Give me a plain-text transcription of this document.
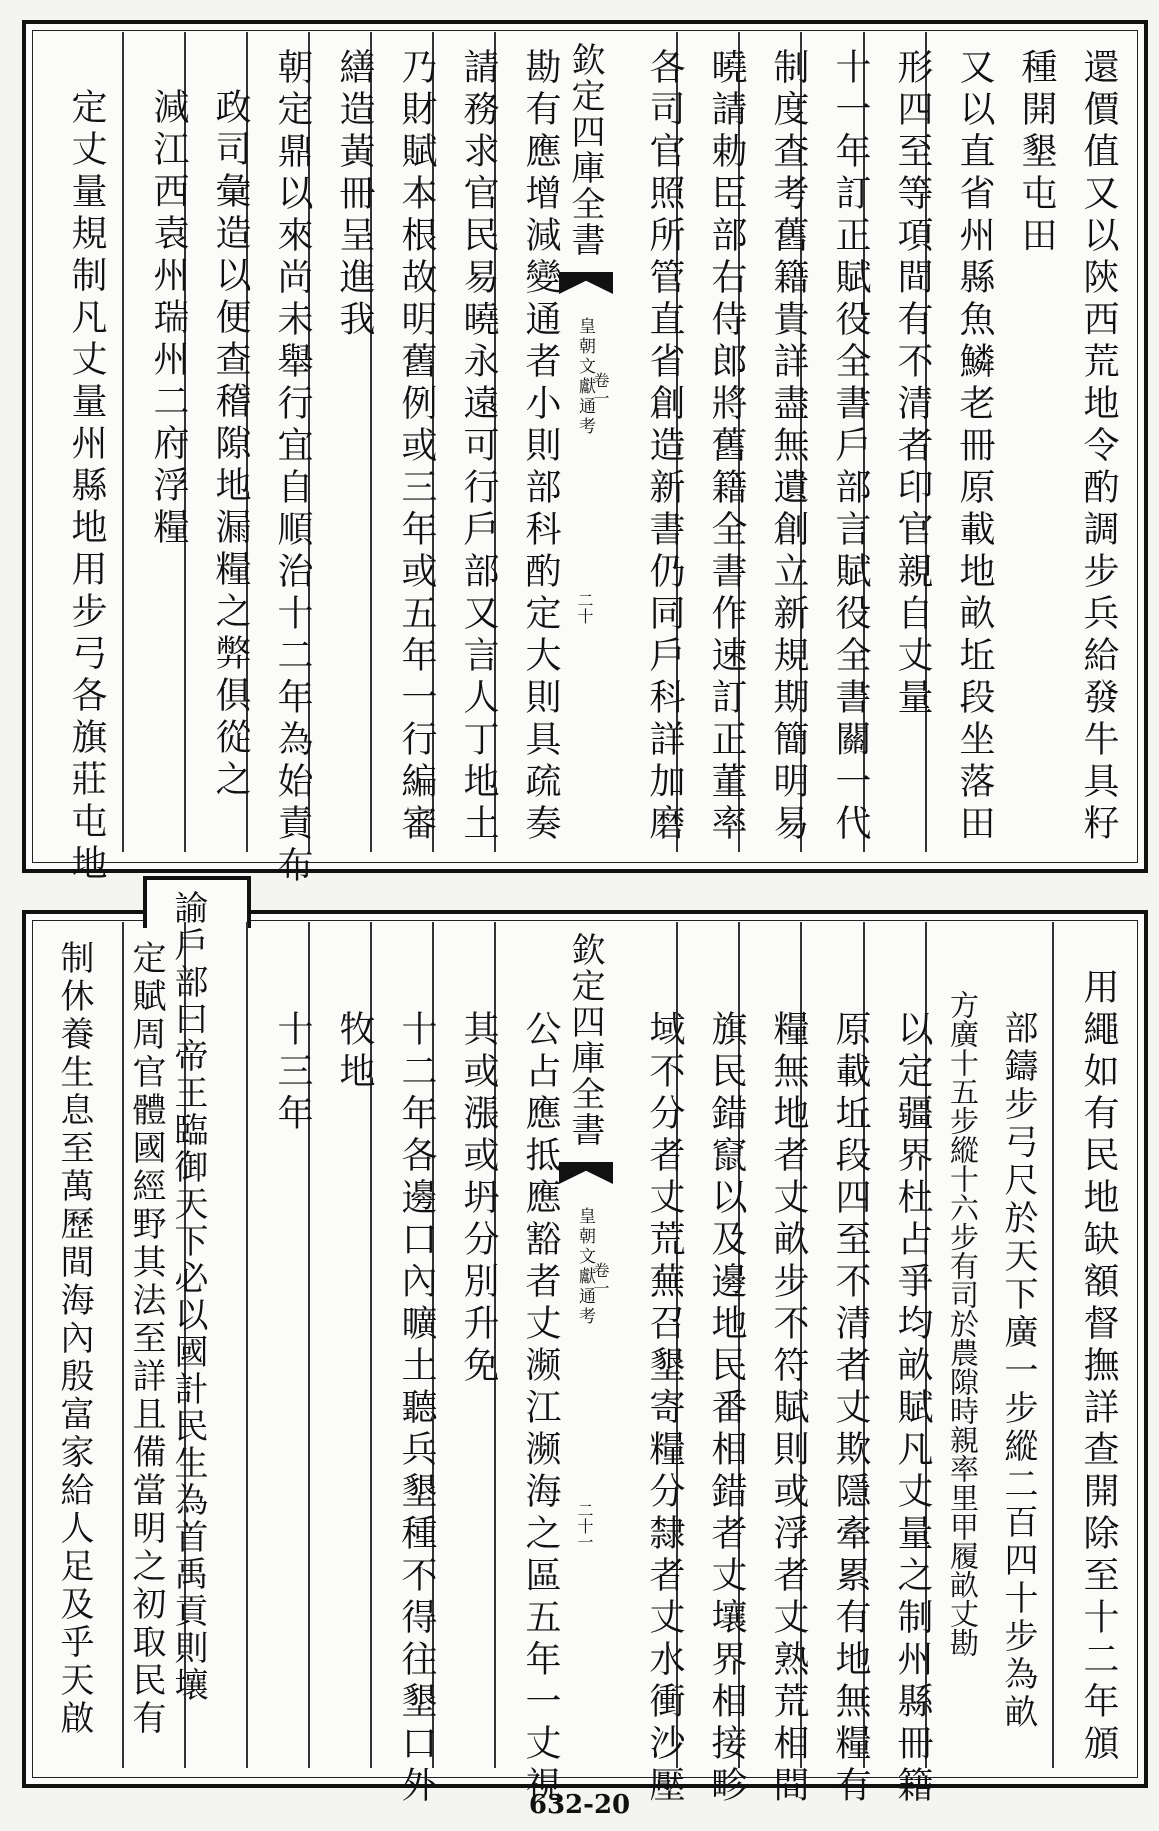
還價值又以陝西荒地令酌調步兵給發牛具籽
種開墾屯田
又以直省州縣魚鱗老冊原載地畝坵段坐落田
形四至等項間有不清者印官親自丈量
十一年訂正賦役全書戶部言賦役全書關一代
制度查考舊籍貴詳盡無遺創立新規期簡明易
曉請勅臣部右侍郎將舊籍全書作速訂正董率
各司官照所管直省創造新書仍同戶科詳加磨
欽定四庫全書
皇朝文獻通考
卷一
二十
勘有應增減變通者小則部科酌定大則具疏奏
請務求官民易曉永遠可行戶部又言人丁地土
乃財賦本根故明舊例或三年或五年一行編審
繕造黃冊呈進我
朝定鼎以來尚未舉行宜自順治十二年為始責布
政司彙造以便查稽隙地漏糧之弊俱從之
減江西袁州瑞州二府浮糧
定丈量規制凡丈量州縣地用步弓各旗莊屯地
用繩如有民地缺額督撫詳查開除至十二年頒
部鑄步弓尺於天下廣一步縱二百四十步為畝
方廣十五步縱十六步有司於農隙時親率里甲履畝丈勘
以定疆界杜占爭均畝賦凡丈量之制州縣冊籍
原載坵段四至不清者丈欺隱牽累有地無糧有
糧無地者丈畝步不符賦則或浮者丈熟荒相間
旗民錯竄以及邊地民番相錯者丈壤界相接畛
域不分者丈荒蕪召墾寄糧分隸者丈水衝沙壓
欽定四庫全書
皇朝文獻通考
卷一
二十一
公占應抵應豁者丈濒江濒海之區五年一丈視
其或漲或坍分別升免
十二年各邊口內曠土聽兵墾種不得往墾口外
牧地
十三年
諭戶部曰帝王臨御天下必以國計民生為首禹貢則壤
定賦周官體國經野其法至詳且備當明之初取民有
制休養生息至萬歷間海內殷富家給人足及乎天啟
632-20
